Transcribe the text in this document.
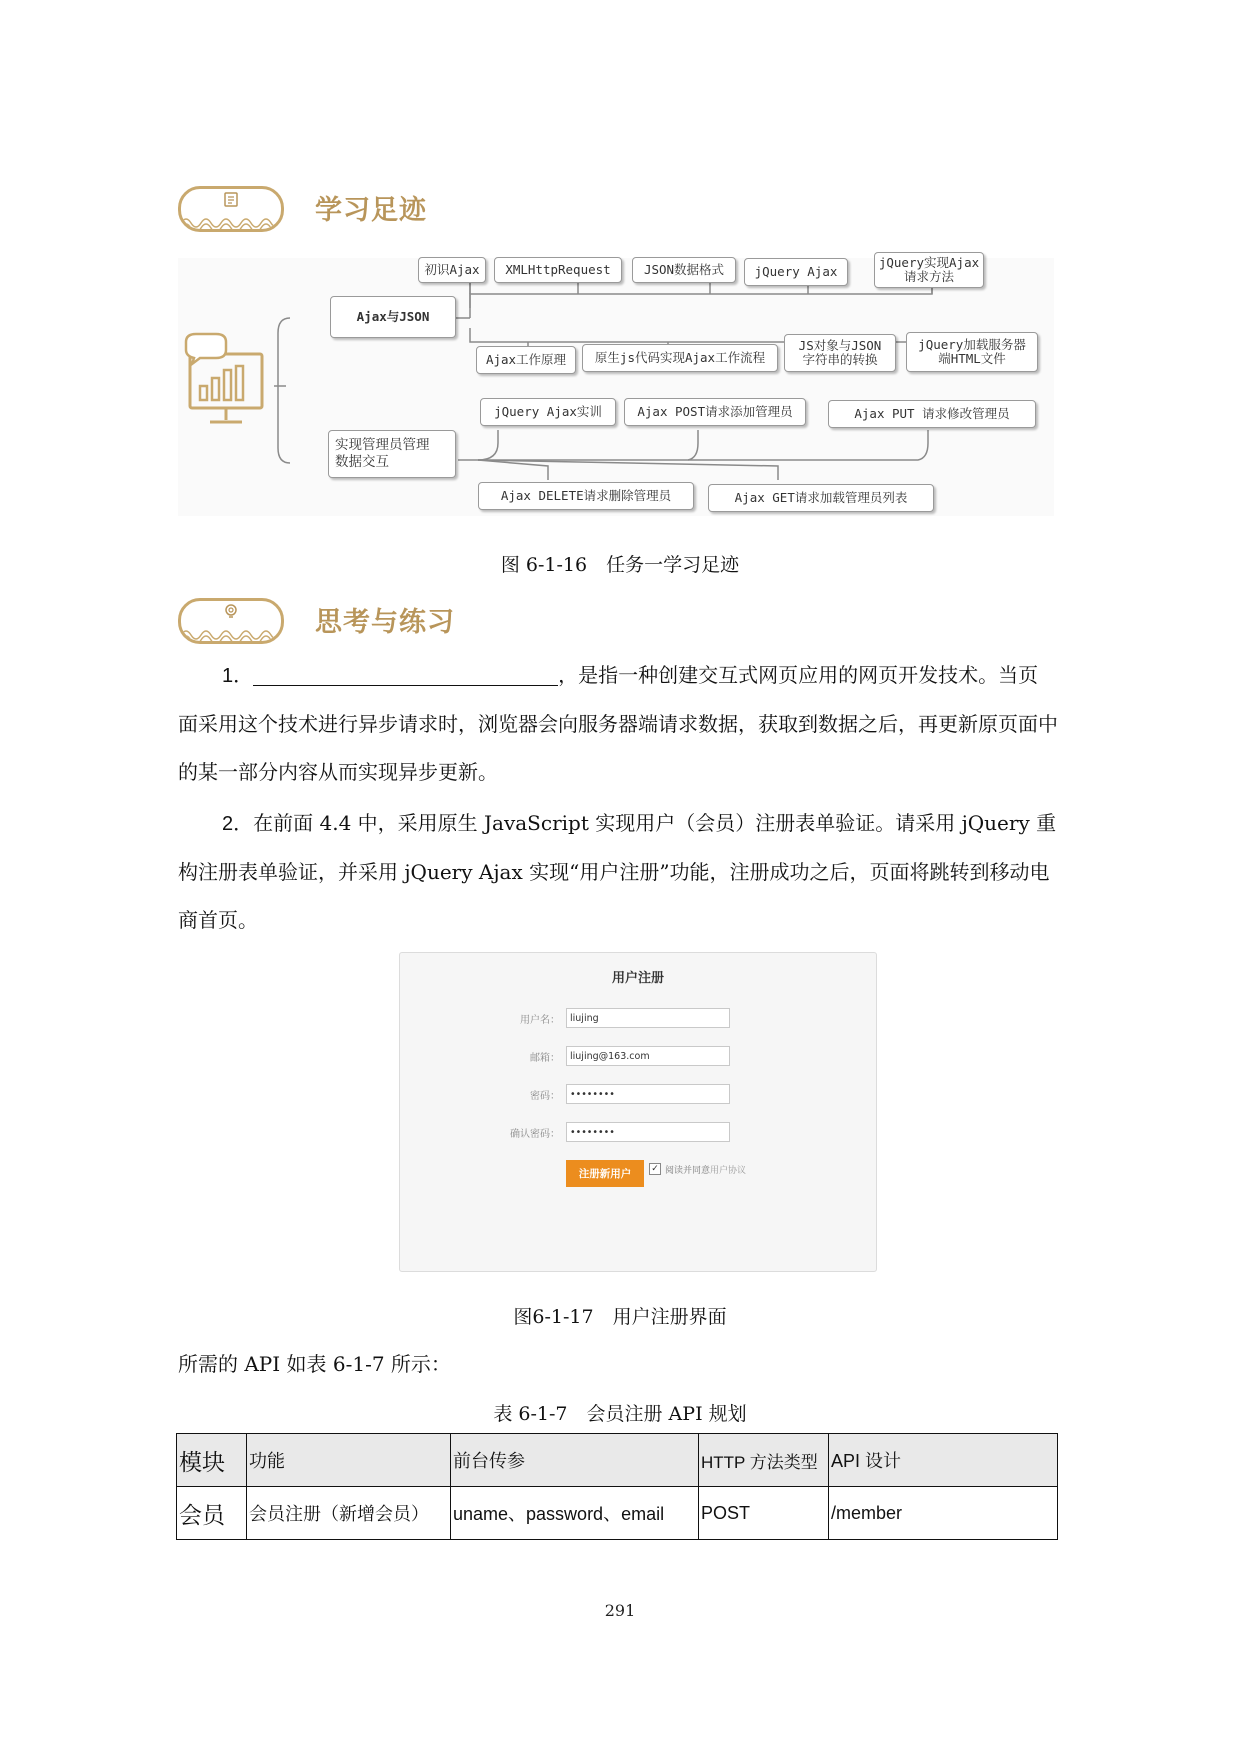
学习足迹
Ajax与JSON
初识Ajax	XMLHttpRequest	JSON数据格式	jQuery Ajax
jQuery实现Ajax
请求方法
Ajax工作原理	原生js代码实现Ajax工作流程
JS对象与JSON
字符串的转换
jQuery加载服务器
端HTML文件
实现管理员管理
数据交互
jQuery Ajax实训	Ajax POST请求添加管理员	Ajax PUT 请求修改管理员
Ajax DELETE请求删除管理员	Ajax GET请求加载管理员列表
图 6-1-16　任务一学习足迹
思考与练习
1．	，是指一种创建交互式网页应用的网页开发技术。当页面采用这个技术进行异步请求时，浏览器会向服务器端请求数据，获取到数据之后，再更新原页面中的某一部分内容从而实现异步更新。
2．在前面 4.4 中，采用原生 JavaScript 实现用户（会员）注册表单验证。请采用 jQuery 重构注册表单验证，并采用 jQuery Ajax 实现“用户注册”功能，注册成功之后，页面将跳转到移动电商首页。
用户注册
用户名：	liujing
邮箱：	liujing@163.com
密码：	••••••••
确认密码：	••••••••
注册新用户	✓ 阅读并同意用户协议
图6-1-17　用户注册界面
所需的 API 如表 6-1-7 所示：
表 6-1-7　会员注册 API 规划
模块	功能	前台传参	HTTP 方法类型	API 设计
会员	会员注册（新增会员）	uname、password、email	POST	/member
291
